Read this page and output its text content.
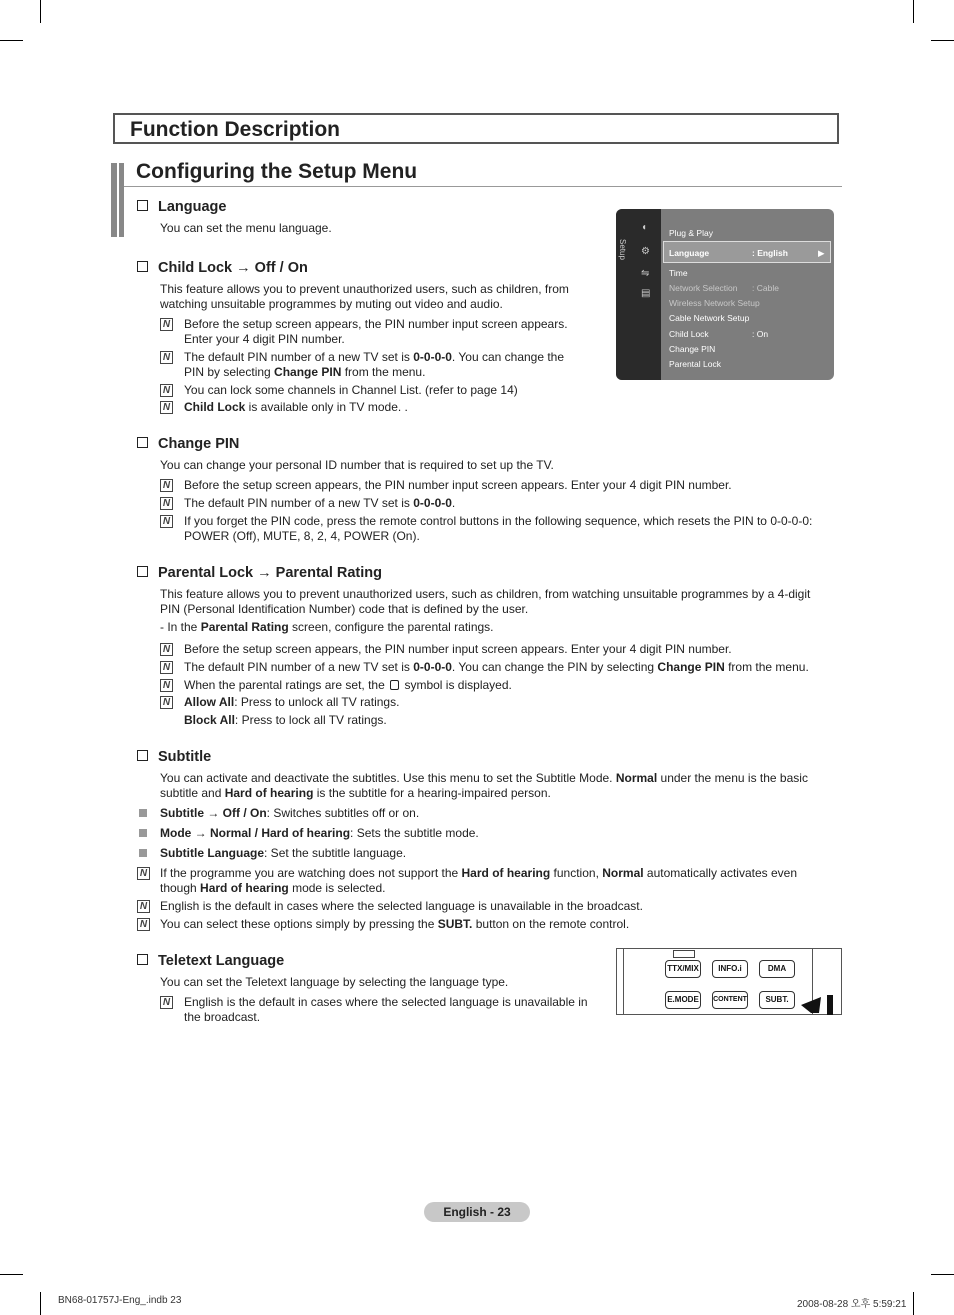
Function Description
Configuring the Setup Menu
Language
You can set the menu language.
Child Lock → Off / On
This feature allows you to prevent unauthorized users, such as children, from watching unsuitable programmes by muting out video and audio.
N Before the setup screen appears, the PIN number input screen appears. Enter your 4 digit PIN number.
N The default PIN number of a new TV set is 0-0-0-0. You can change the PIN by selecting Change PIN from the menu.
N You can lock some channels in Channel List. (refer to page 14)
N Child Lock is available only in TV mode. .
Setup
◖
⚙
⇋
▤
Plug & Play
Language	: English	▶
Time
Network Selection : Cable
Wireless Network Setup
Cable Network Setup
Child Lock	: On
Change PIN
Parental Lock
Change PIN
You can change your personal ID number that is required to set up the TV.
N Before the setup screen appears, the PIN number input screen appears. Enter your 4 digit PIN number.
N The default PIN number of a new TV set is 0-0-0-0.
N If you forget the PIN code, press the remote control buttons in the following sequence, which resets the PIN to 0-0-0-0: POWER (Off), MUTE, 8, 2, 4, POWER (On).
Parental Lock → Parental Rating
This feature allows you to prevent unauthorized users, such as children, from watching unsuitable programmes by a 4-digit PIN (Personal Identification Number) code that is defined by the user.
- In the Parental Rating screen, configure the parental ratings.
N Before the setup screen appears, the PIN number input screen appears. Enter your 4 digit PIN number.
N The default PIN number of a new TV set is 0-0-0-0. You can change the PIN by selecting Change PIN from the menu.
N When the parental ratings are set, the  symbol is displayed.
N Allow All: Press to unlock all TV ratings.
Block All: Press to lock all TV ratings.
Subtitle
You can activate and deactivate the subtitles. Use this menu to set the Subtitle Mode. Normal under the menu is the basic subtitle and Hard of hearing is the subtitle for a hearing-impaired person.
Subtitle → Off / On: Switches subtitles off or on.
Mode → Normal / Hard of hearing: Sets the subtitle mode.
Subtitle Language: Set the subtitle language.
N If the programme you are watching does not support the Hard of hearing function, Normal automatically activates even though Hard of hearing mode is selected.
N English is the default in cases where the selected language is unavailable in the broadcast.
N You can select these options simply by pressing the SUBT. button on the remote control.
Teletext Language
You can set the Teletext language by selecting the language type.
N English is the default in cases where the selected language is unavailable in the broadcast.
TTX/MIX	INFO.i	DMA
E.MODE	CONTENT	SUBT.
English - 23
BN68-01757J-Eng_.indb 23	2008-08-28 오후 5:59:21
